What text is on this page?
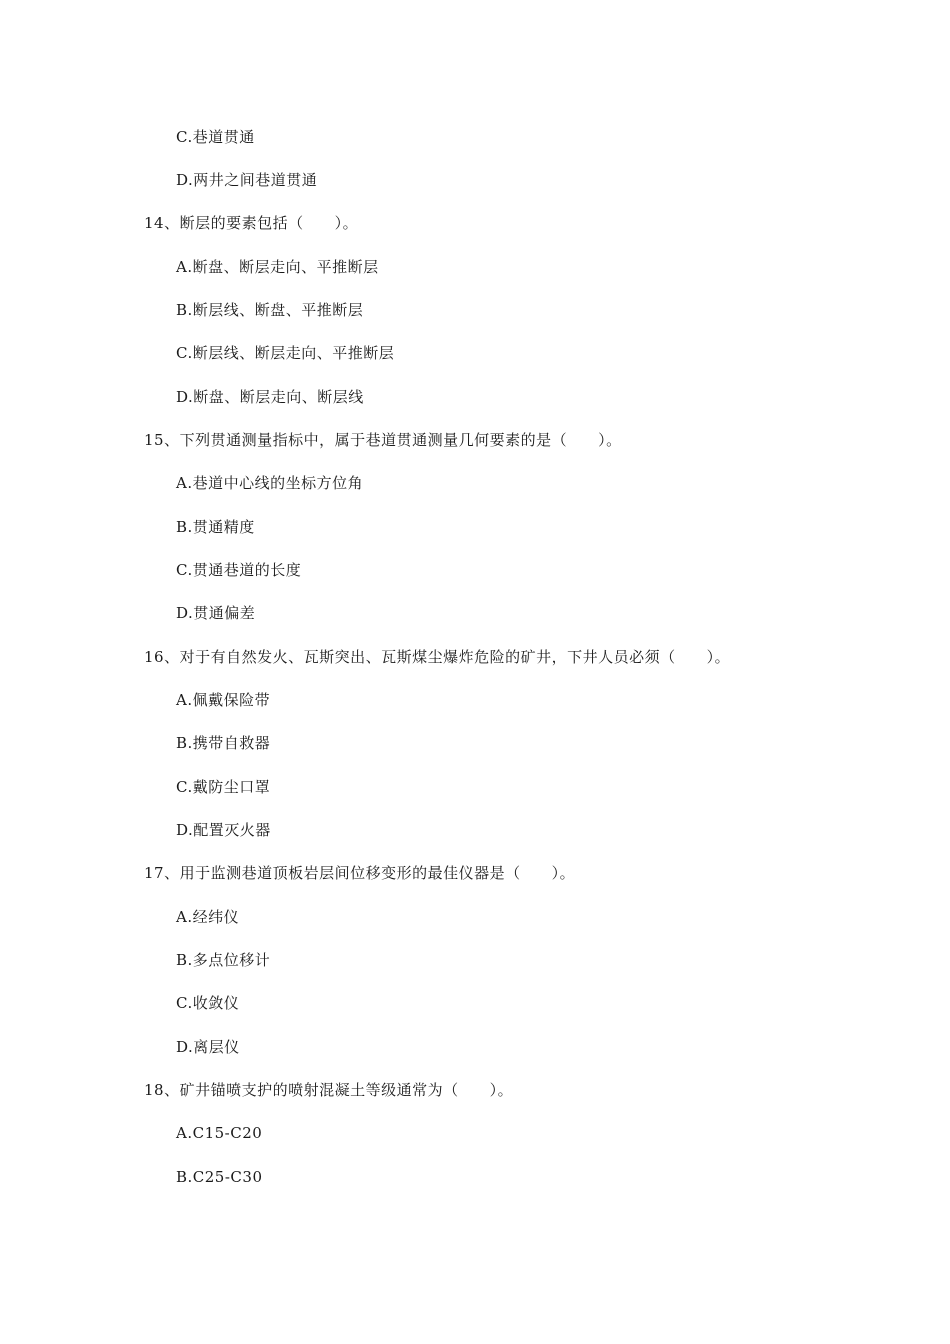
C.巷道贯通
D.两井之间巷道贯通
14、断层的要素包括（　　）。
A.断盘、断层走向、平推断层
B.断层线、断盘、平推断层
C.断层线、断层走向、平推断层
D.断盘、断层走向、断层线
15、下列贯通测量指标中，属于巷道贯通测量几何要素的是（　　）。
A.巷道中心线的坐标方位角
B.贯通精度
C.贯通巷道的长度
D.贯通偏差
16、对于有自然发火、瓦斯突出、瓦斯煤尘爆炸危险的矿井，下井人员必须（　　）。
A.佩戴保险带
B.携带自救器
C.戴防尘口罩
D.配置灭火器
17、用于监测巷道顶板岩层间位移变形的最佳仪器是（　　）。
A.经纬仪
B.多点位移计
C.收敛仪
D.离层仪
18、矿井锚喷支护的喷射混凝土等级通常为（　　）。
A.C15-C20
B.C25-C30
